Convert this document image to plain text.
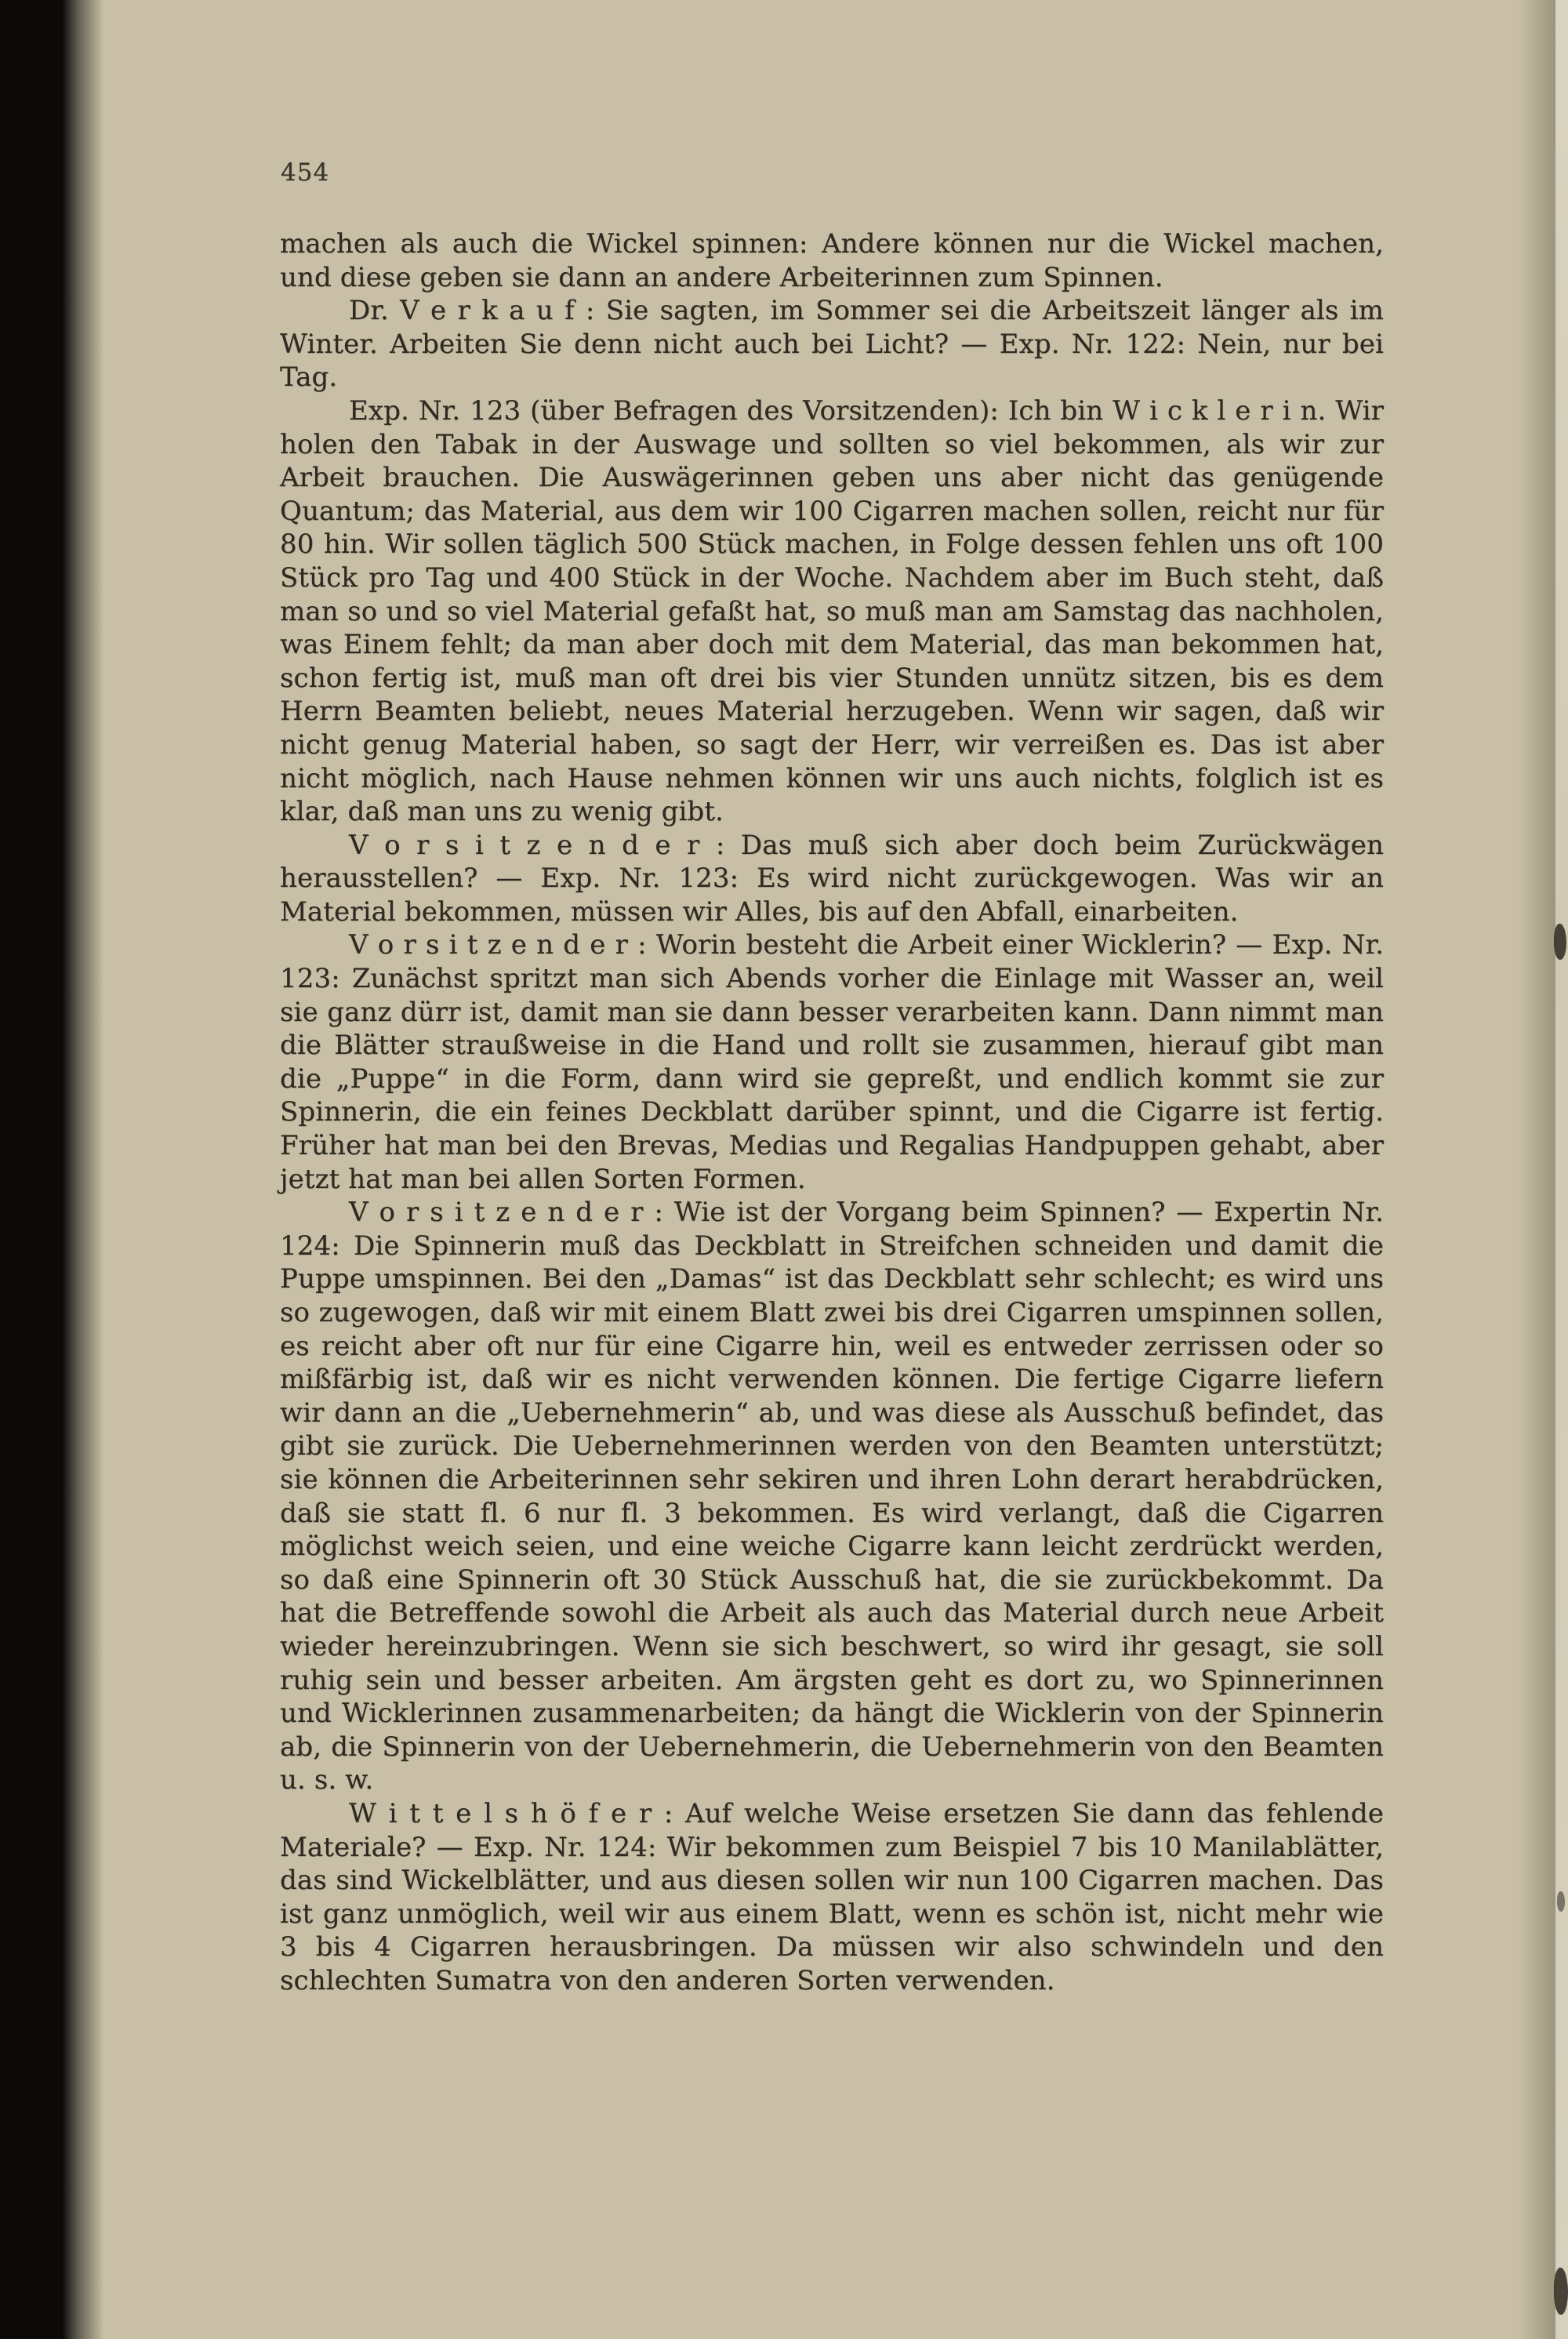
454

machen als auch die Wickel spinnen: Andere können nur die Wickel machen, und diese geben sie dann an andere Arbeiterinnen zum Spinnen.

Dr. V e r k a u f : Sie sagten, im Sommer sei die Arbeitszeit länger als im Winter. Arbeiten Sie denn nicht auch bei Licht? — Exp. Nr. 122: Nein, nur bei Tag.

Exp. Nr. 123 (über Befragen des Vorsitzenden): Ich bin W i c k l e r i n. Wir holen den Tabak in der Auswage und sollten so viel bekommen, als wir zur Arbeit brauchen. Die Auswägerinnen geben uns aber nicht das genügende Quantum; das Material, aus dem wir 100 Cigarren machen sollen, reicht nur für 80 hin. Wir sollen täglich 500 Stück machen, in Folge dessen fehlen uns oft 100 Stück pro Tag und 400 Stück in der Woche. Nachdem aber im Buch steht, daß man so und so viel Material gefaßt hat, so muß man am Samstag das nachholen, was Einem fehlt; da man aber doch mit dem Material, das man bekommen hat, schon fertig ist, muß man oft drei bis vier Stunden unnütz sitzen, bis es dem Herrn Beamten beliebt, neues Material herzugeben. Wenn wir sagen, daß wir nicht genug Material haben, so sagt der Herr, wir verreißen es. Das ist aber nicht möglich, nach Hause nehmen können wir uns auch nichts, folglich ist es klar, daß man uns zu wenig gibt.

V o r s i t z e n d e r : Das muß sich aber doch beim Zurückwägen herausstellen? — Exp. Nr. 123: Es wird nicht zurückgewogen. Was wir an Material bekommen, müssen wir Alles, bis auf den Abfall, einarbeiten.

V o r s i t z e n d e r : Worin besteht die Arbeit einer Wicklerin? — Exp. Nr. 123: Zunächst spritzt man sich Abends vorher die Einlage mit Wasser an, weil sie ganz dürr ist, damit man sie dann besser verarbeiten kann. Dann nimmt man die Blätter straußweise in die Hand und rollt sie zusammen, hierauf gibt man die „Puppe“ in die Form, dann wird sie gepreßt, und endlich kommt sie zur Spinnerin, die ein feines Deckblatt darüber spinnt, und die Cigarre ist fertig. Früher hat man bei den Brevas, Medias und Regalias Handpuppen gehabt, aber jetzt hat man bei allen Sorten Formen.

V o r s i t z e n d e r : Wie ist der Vorgang beim Spinnen? — Expertin Nr. 124: Die Spinnerin muß das Deckblatt in Streifchen schneiden und damit die Puppe umspinnen. Bei den „Damas“ ist das Deckblatt sehr schlecht; es wird uns so zugewogen, daß wir mit einem Blatt zwei bis drei Cigarren umspinnen sollen, es reicht aber oft nur für eine Cigarre hin, weil es entweder zerrissen oder so mißfärbig ist, daß wir es nicht verwenden können. Die fertige Cigarre liefern wir dann an die „Uebernehmerin“ ab, und was diese als Ausschuß befindet, das gibt sie zurück. Die Uebernehmerinnen werden von den Beamten unterstützt; sie können die Arbeiterinnen sehr sekiren und ihren Lohn derart herabdrücken, daß sie statt fl. 6 nur fl. 3 bekommen. Es wird verlangt, daß die Cigarren möglichst weich seien, und eine weiche Cigarre kann leicht zerdrückt werden, so daß eine Spinnerin oft 30 Stück Ausschuß hat, die sie zurückbekommt. Da hat die Betreffende sowohl die Arbeit als auch das Material durch neue Arbeit wieder hereinzubringen. Wenn sie sich beschwert, so wird ihr gesagt, sie soll ruhig sein und besser arbeiten. Am ärgsten geht es dort zu, wo Spinnerinnen und Wicklerinnen zusammenarbeiten; da hängt die Wicklerin von der Spinnerin ab, die Spinnerin von der Uebernehmerin, die Uebernehmerin von den Beamten u. s. w.

W i t t e l s h ö f e r : Auf welche Weise ersetzen Sie dann das fehlende Materiale? — Exp. Nr. 124: Wir bekommen zum Beispiel 7 bis 10 Manilablätter, das sind Wickelblätter, und aus diesen sollen wir nun 100 Cigarren machen. Das ist ganz unmöglich, weil wir aus einem Blatt, wenn es schön ist, nicht mehr wie 3 bis 4 Cigarren herausbringen. Da müssen wir also schwindeln und den schlechten Sumatra von den anderen Sorten verwenden.
